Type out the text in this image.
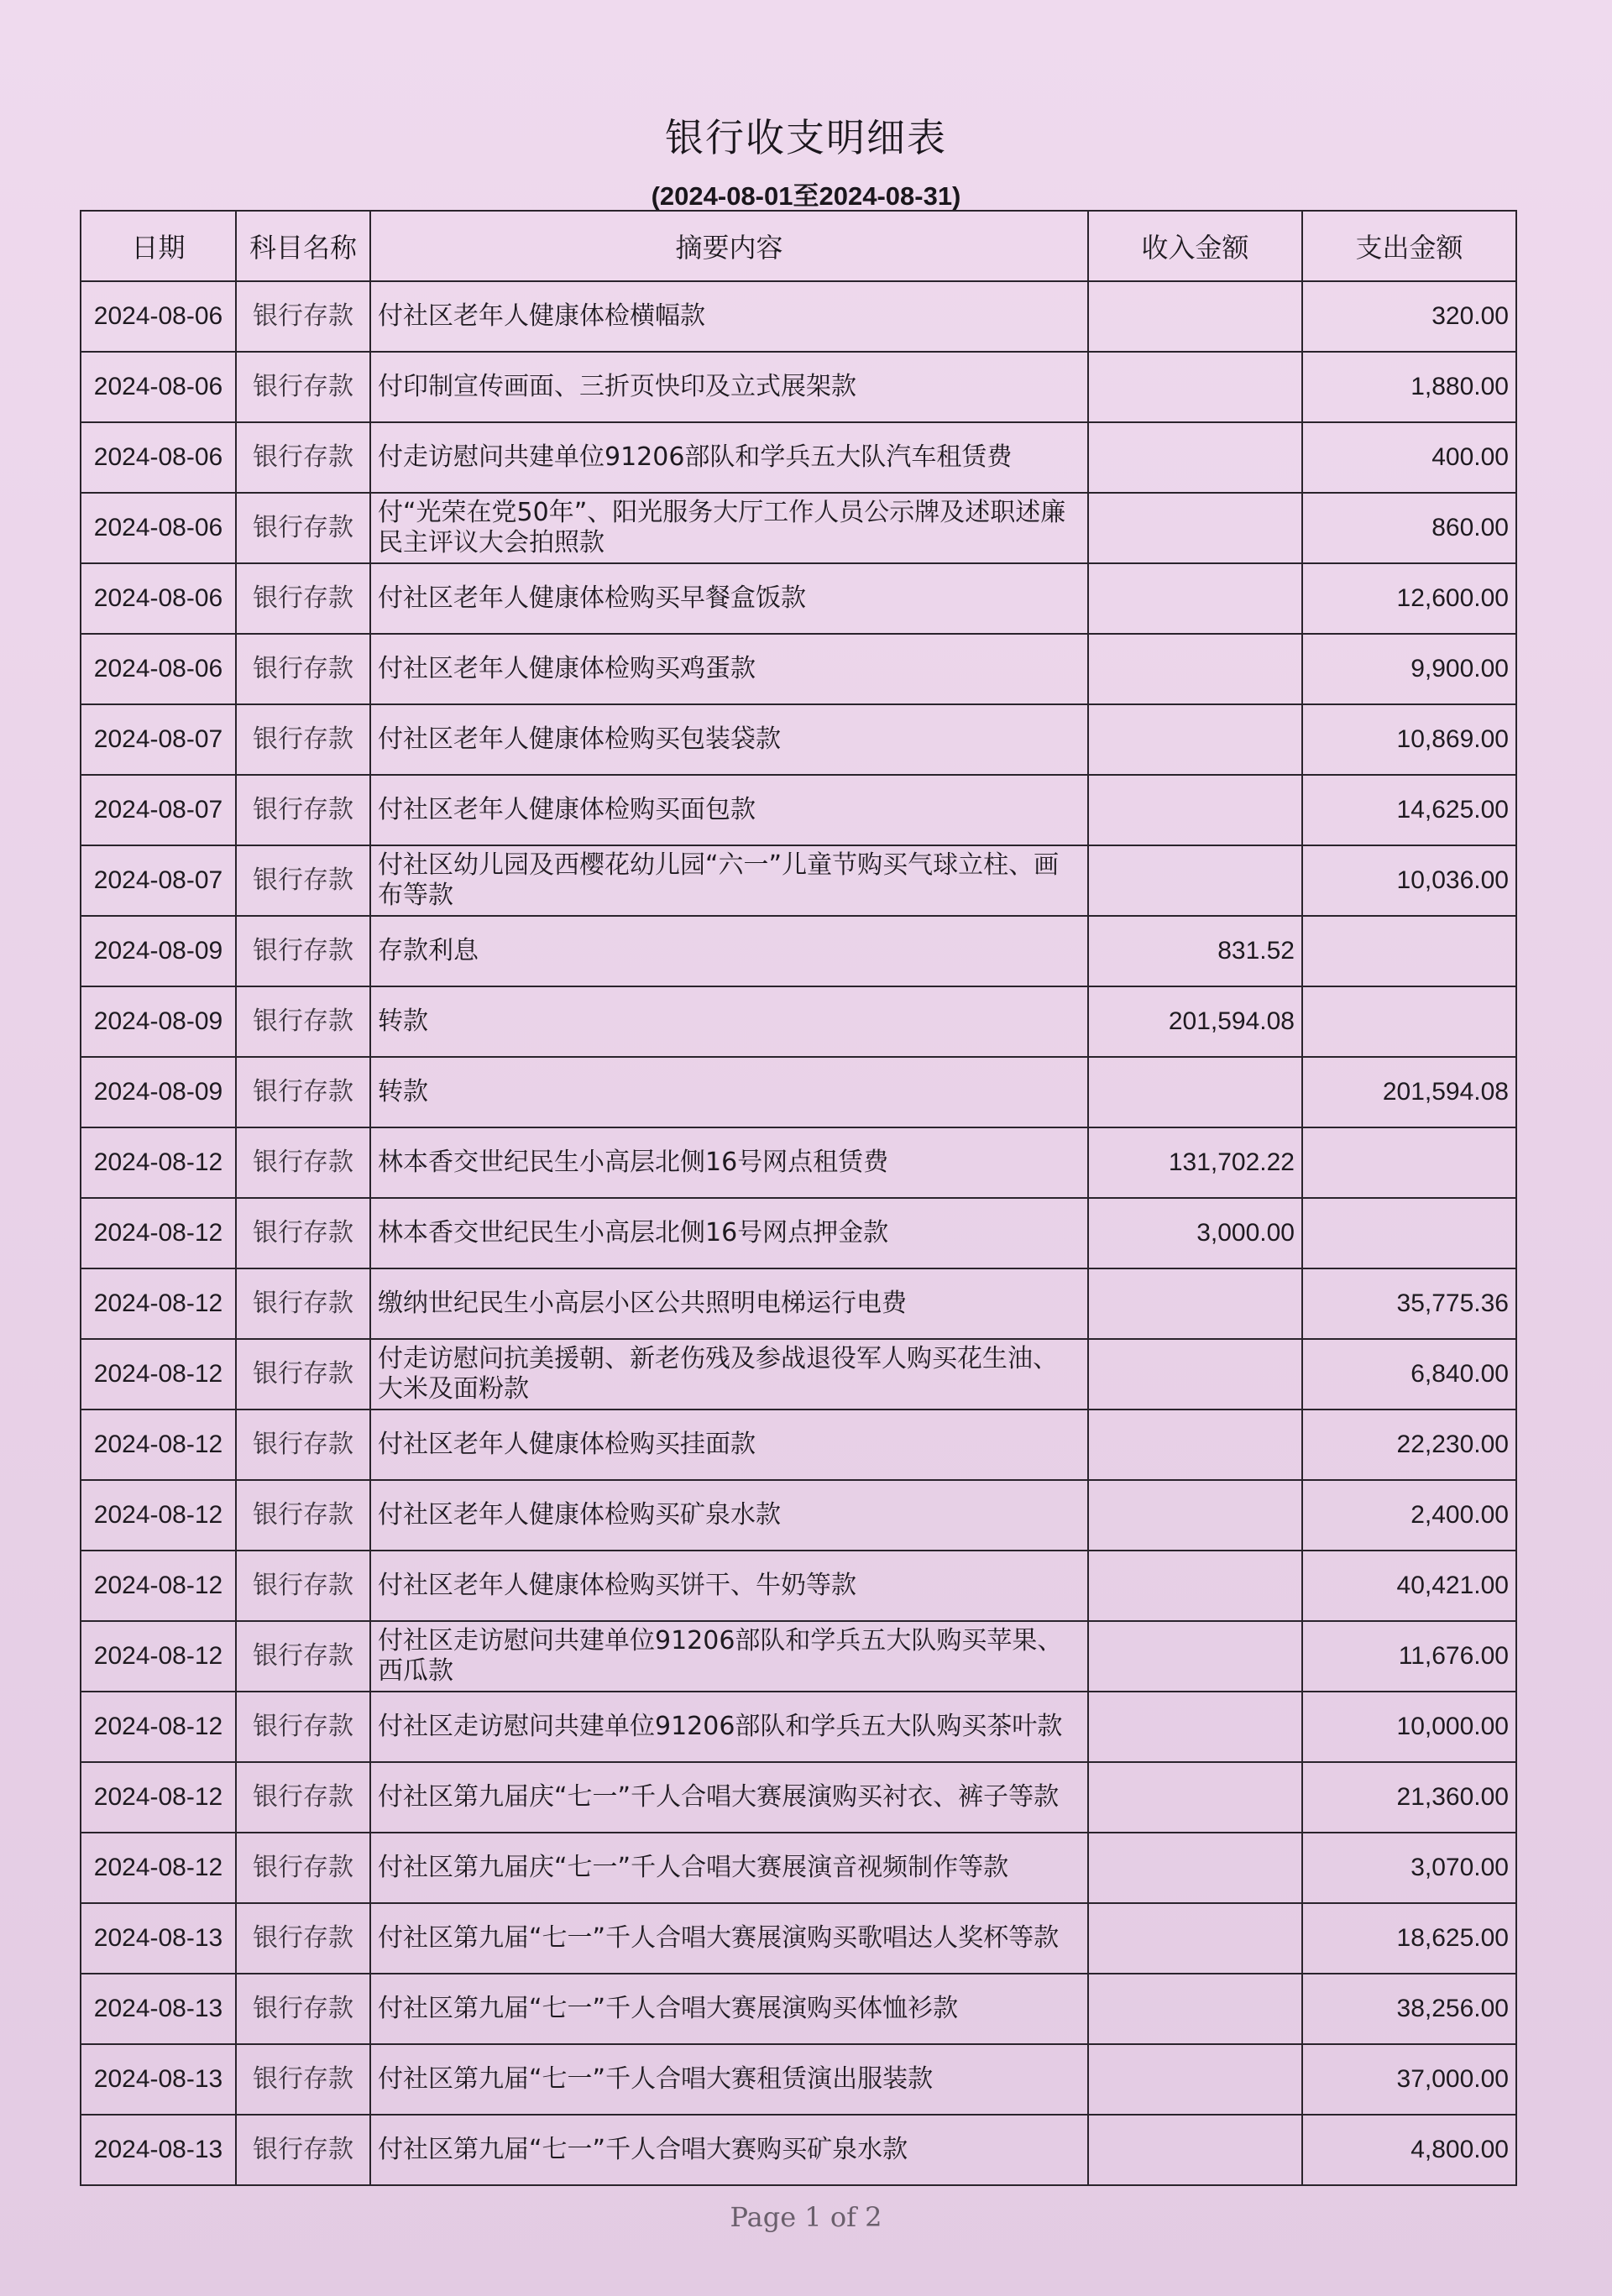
银行收支明细表
(2024-08-01至2024-08-31)
日期	科目名称	摘要内容	收入金额	支出金额
2024-08-06	银行存款	付社区老年人健康体检横幅款		320.00
2024-08-06	银行存款	付印制宣传画面、三折页快印及立式展架款		1,880.00
2024-08-06	银行存款	付走访慰问共建单位91206部队和学兵五大队汽车租赁费		400.00
2024-08-06	银行存款	付“光荣在党50年”、阳光服务大厅工作人员公示牌及述职述廉民主评议大会拍照款		860.00
2024-08-06	银行存款	付社区老年人健康体检购买早餐盒饭款		12,600.00
2024-08-06	银行存款	付社区老年人健康体检购买鸡蛋款		9,900.00
2024-08-07	银行存款	付社区老年人健康体检购买包装袋款		10,869.00
2024-08-07	银行存款	付社区老年人健康体检购买面包款		14,625.00
2024-08-07	银行存款	付社区幼儿园及西樱花幼儿园“六一”儿童节购买气球立柱、画布等款		10,036.00
2024-08-09	银行存款	存款利息	831.52	
2024-08-09	银行存款	转款	201,594.08	
2024-08-09	银行存款	转款		201,594.08
2024-08-12	银行存款	林本香交世纪民生小高层北侧16号网点租赁费	131,702.22	
2024-08-12	银行存款	林本香交世纪民生小高层北侧16号网点押金款	3,000.00	
2024-08-12	银行存款	缴纳世纪民生小高层小区公共照明电梯运行电费		35,775.36
2024-08-12	银行存款	付走访慰问抗美援朝、新老伤残及参战退役军人购买花生油、大米及面粉款		6,840.00
2024-08-12	银行存款	付社区老年人健康体检购买挂面款		22,230.00
2024-08-12	银行存款	付社区老年人健康体检购买矿泉水款		2,400.00
2024-08-12	银行存款	付社区老年人健康体检购买饼干、牛奶等款		40,421.00
2024-08-12	银行存款	付社区走访慰问共建单位91206部队和学兵五大队购买苹果、西瓜款		11,676.00
2024-08-12	银行存款	付社区走访慰问共建单位91206部队和学兵五大队购买茶叶款		10,000.00
2024-08-12	银行存款	付社区第九届庆“七一”千人合唱大赛展演购买衬衣、裤子等款		21,360.00
2024-08-12	银行存款	付社区第九届庆“七一”千人合唱大赛展演音视频制作等款		3,070.00
2024-08-13	银行存款	付社区第九届“七一”千人合唱大赛展演购买歌唱达人奖杯等款		18,625.00
2024-08-13	银行存款	付社区第九届“七一”千人合唱大赛展演购买体恤衫款		38,256.00
2024-08-13	银行存款	付社区第九届“七一”千人合唱大赛租赁演出服装款		37,000.00
2024-08-13	银行存款	付社区第九届“七一”千人合唱大赛购买矿泉水款		4,800.00
Page 1 of 2
